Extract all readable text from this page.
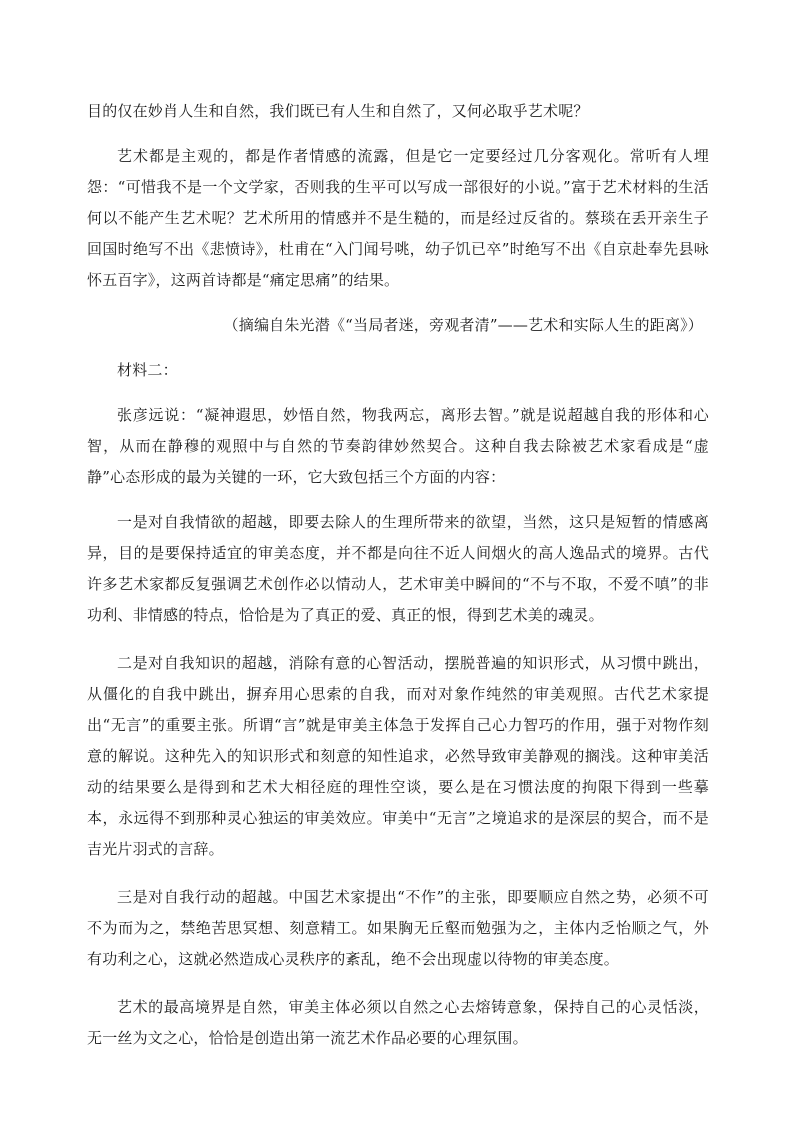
目的仅在妙肖人生和自然，我们既已有人生和自然了，又何必取乎艺术呢？

艺术都是主观的，都是作者情感的流露，但是它一定要经过几分客观化。常听有人埋怨：“可惜我不是一个文学家，否则我的生平可以写成一部很好的小说。”富于艺术材料的生活何以不能产生艺术呢？艺术所用的情感并不是生糙的，而是经过反省的。蔡琰在丢开亲生子回国时绝写不出《悲愤诗》，杜甫在“入门闻号咷，幼子饥已卒”时绝写不出《自京赴奉先县咏怀五百字》，这两首诗都是“痛定思痛”的结果。

（摘编自朱光潜《“当局者迷，旁观者清”——艺术和实际人生的距离》）

材料二：

张彦远说：“凝神遐思，妙悟自然，物我两忘，离形去智。”就是说超越自我的形体和心智，从而在静穆的观照中与自然的节奏韵律妙然契合。这种自我去除被艺术家看成是“虚静”心态形成的最为关键的一环，它大致包括三个方面的内容：

一是对自我情欲的超越，即要去除人的生理所带来的欲望，当然，这只是短暂的情感离异，目的是要保持适宜的审美态度，并不都是向往不近人间烟火的高人逸品式的境界。古代许多艺术家都反复强调艺术创作必以情动人，艺术审美中瞬间的“不与不取，不爱不嗔”的非功利、非情感的特点，恰恰是为了真正的爱、真正的恨，得到艺术美的魂灵。

二是对自我知识的超越，消除有意的心智活动，摆脱普遍的知识形式，从习惯中跳出，从僵化的自我中跳出，摒弃用心思索的自我，而对对象作纯然的审美观照。古代艺术家提出“无言”的重要主张。所谓“言”就是审美主体急于发挥自己心力智巧的作用，强于对物作刻意的解说。这种先入的知识形式和刻意的知性追求，必然导致审美静观的搁浅。这种审美活动的结果要么是得到和艺术大相径庭的理性空谈，要么是在习惯法度的拘限下得到一些摹本，永远得不到那种灵心独运的审美效应。审美中“无言”之境追求的是深层的契合，而不是吉光片羽式的言辞。

三是对自我行动的超越。中国艺术家提出“不作”的主张，即要顺应自然之势，必须不可不为而为之，禁绝苦思冥想、刻意精工。如果胸无丘壑而勉强为之，主体内乏怡顺之气，外有功利之心，这就必然造成心灵秩序的紊乱，绝不会出现虚以待物的审美态度。

艺术的最高境界是自然，审美主体必须以自然之心去熔铸意象，保持自己的心灵恬淡，无一丝为文之心，恰恰是创造出第一流艺术作品必要的心理氛围。
